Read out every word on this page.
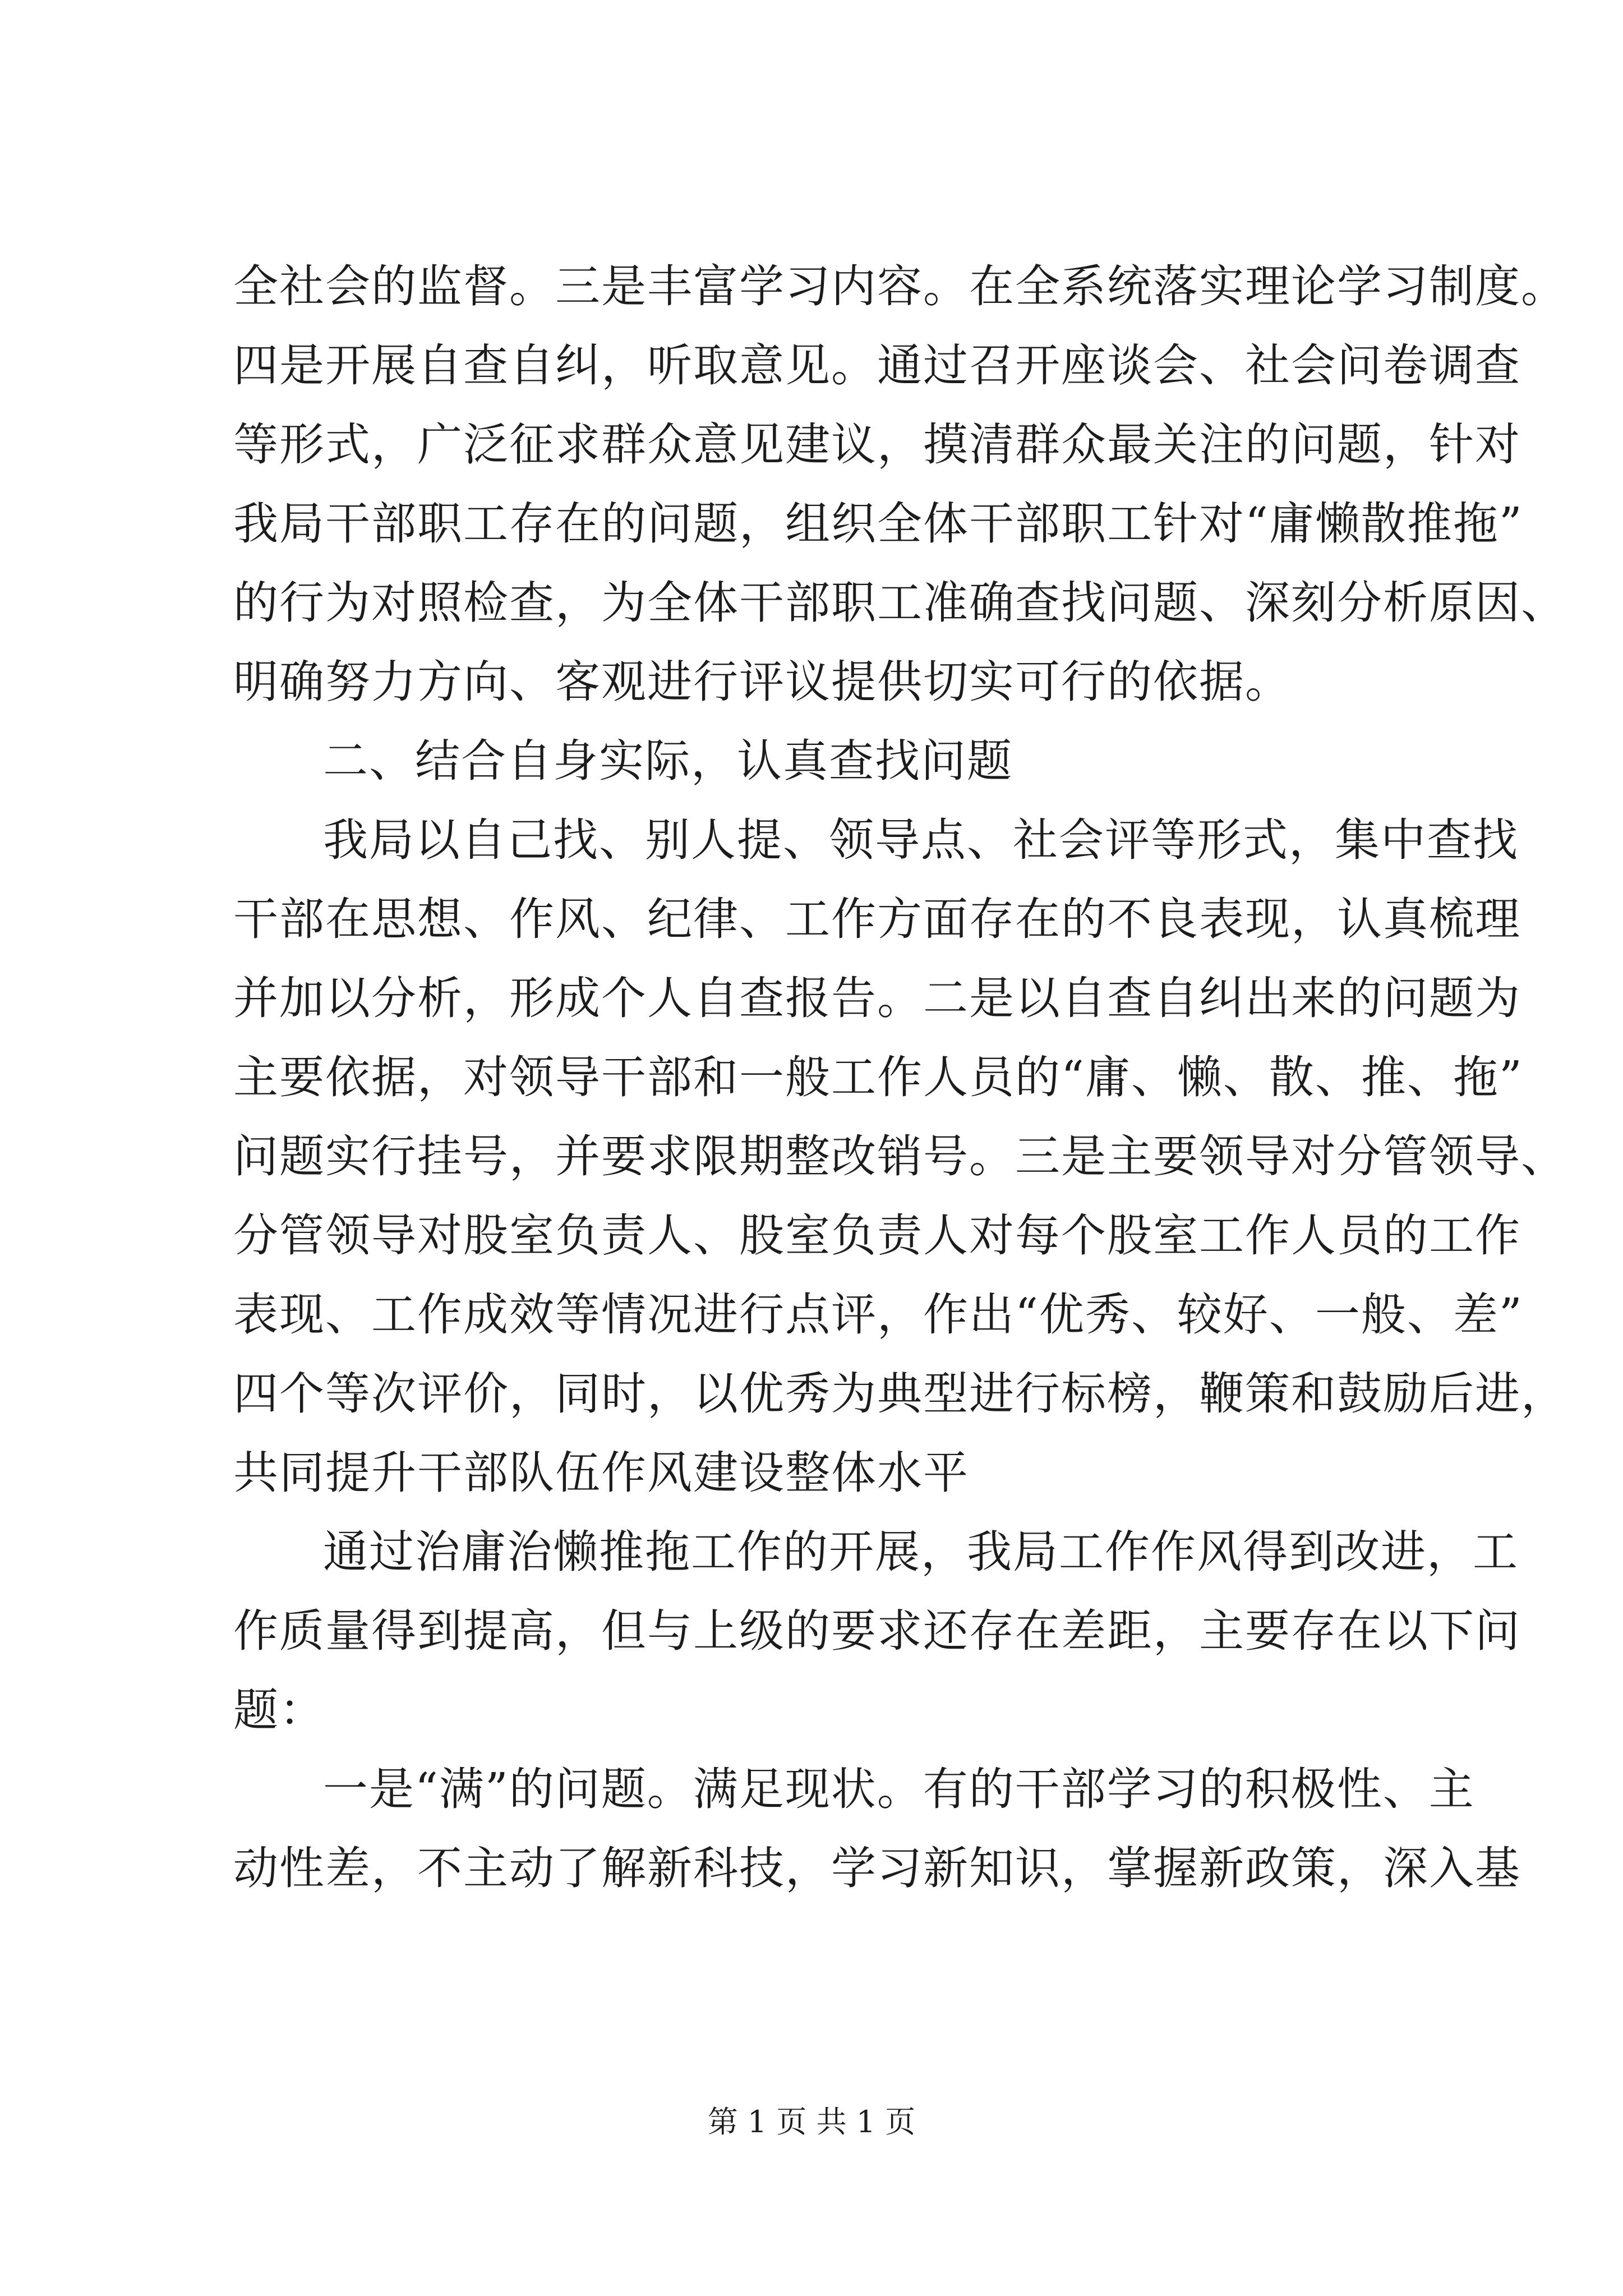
全社会的监督。三是丰富学习内容。在全系统落实理论学习制度。
四是开展自查自纠，听取意见。通过召开座谈会、社会问卷调查
等形式，广泛征求群众意见建议，摸清群众最关注的问题，针对
我局干部职工存在的问题，组织全体干部职工针对“庸懒散推拖”
的行为对照检查，为全体干部职工准确查找问题、深刻分析原因、
明确努力方向、客观进行评议提供切实可行的依据。
二、结合自身实际，认真查找问题
我局以自己找、别人提、领导点、社会评等形式，集中查找
干部在思想、作风、纪律、工作方面存在的不良表现，认真梳理
并加以分析，形成个人自查报告。二是以自查自纠出来的问题为
主要依据，对领导干部和一般工作人员的“庸、懒、散、推、拖”
问题实行挂号，并要求限期整改销号。三是主要领导对分管领导、
分管领导对股室负责人、股室负责人对每个股室工作人员的工作
表现、工作成效等情况进行点评，作出“优秀、较好、一般、差”
四个等次评价，同时，以优秀为典型进行标榜，鞭策和鼓励后进，
共同提升干部队伍作风建设整体水平
通过治庸治懒推拖工作的开展，我局工作作风得到改进，工
作质量得到提高，但与上级的要求还存在差距，主要存在以下问
题：
一是“满”的问题。满足现状。有的干部学习的积极性、主
动性差，不主动了解新科技，学习新知识，掌握新政策，深入基
第 1 页 共 1 页
